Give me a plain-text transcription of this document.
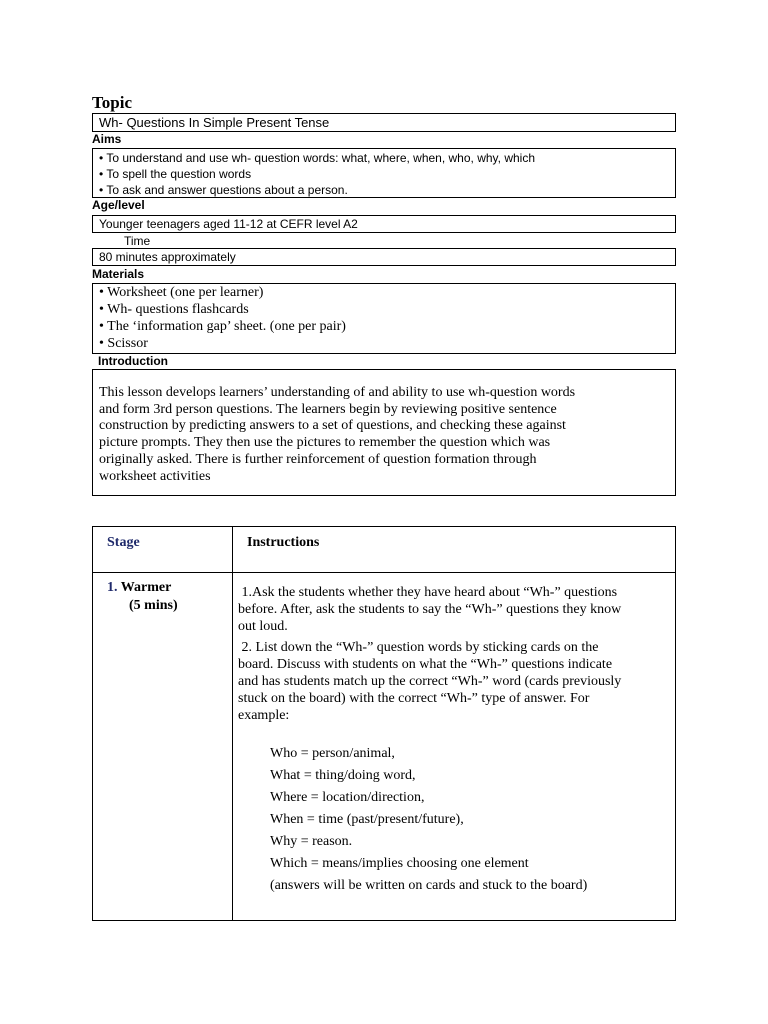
Topic
Wh- Questions In Simple Present Tense
Aims
• To understand and use wh- question words: what, where, when, who, why, which
• To spell the question words
• To ask and answer questions about a person.
Age/level
Younger teenagers aged 11-12 at CEFR level A2
Time
80 minutes approximately
Materials
• Worksheet (one per learner)
• Wh- questions flashcards
• The ‘information gap’ sheet. (one per pair)
• Scissor
Introduction
This lesson develops learners’ understanding of and ability to use wh-question words
and form 3rd person questions. The learners begin by reviewing positive sentence
construction by predicting answers to a set of questions, and checking these against
picture prompts. They then use the pictures to remember the question which was
originally asked. There is further reinforcement of question formation through
worksheet activities
Stage	Instructions
1. Warmer
(5 mins)
1.Ask the students whether they have heard about “Wh-” questions
before. After, ask the students to say the “Wh-” questions they know
out loud.
2. List down the “Wh-” question words by sticking cards on the
board. Discuss with students on what the “Wh-” questions indicate
and has students match up the correct “Wh-” word (cards previously
stuck on the board) with the correct “Wh-” type of answer. For
example:
Who = person/animal,
What = thing/doing word,
Where = location/direction,
When = time (past/present/future),
Why = reason.
Which = means/implies choosing one element
(answers will be written on cards and stuck to the board)
